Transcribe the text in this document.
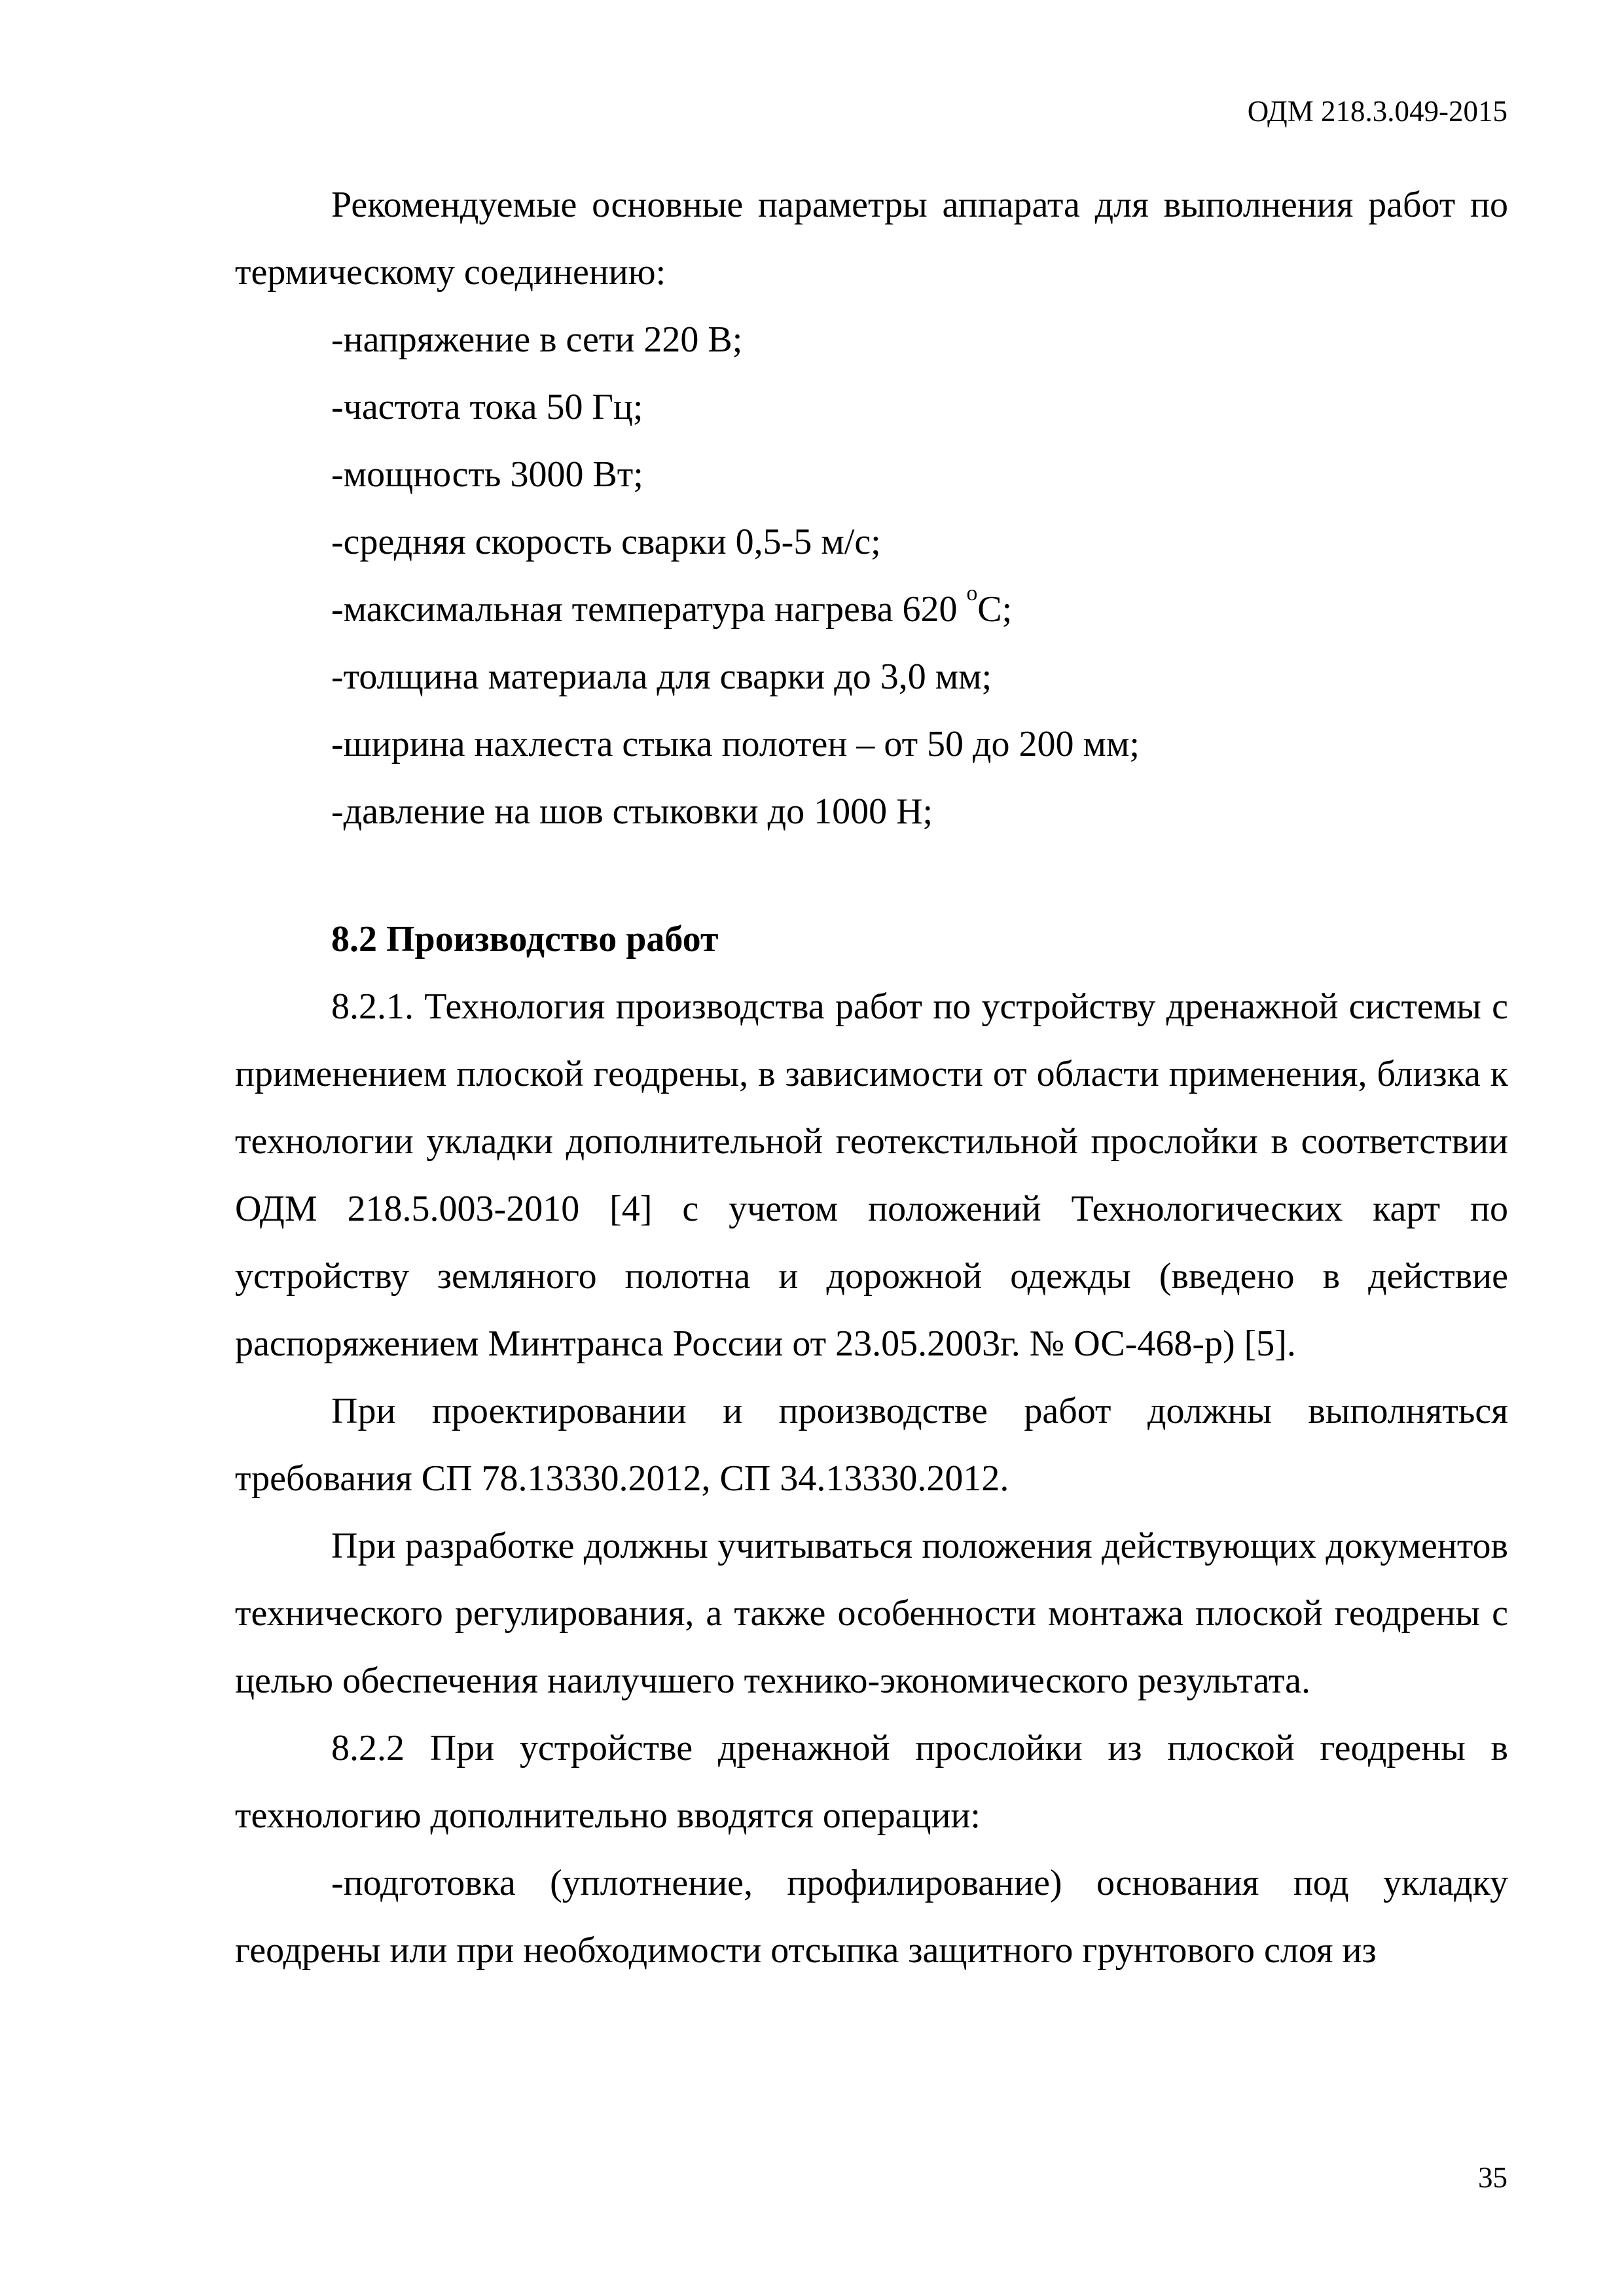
ОДМ 218.3.049-2015

Рекомендуемые основные параметры аппарата для выполнения работ по термическому соединению:

-напряжение в сети 220 В;

-частота тока 50 Гц;

-мощность 3000 Вт;

-средняя скорость сварки 0,5-5 м/с;

-максимальная температура нагрева 620 $^о$С;

-толщина материала для сварки до 3,0 мм;

-ширина нахлеста стыка полотен – от 50 до 200 мм;

-давление на шов стыковки до 1000 Н;

8.2 Производство работ

8.2.1. Технология производства работ по устройству дренажной системы с применением плоской геодрены, в зависимости от области применения, близка к технологии укладки дополнительной геотекстильной прослойки в соответствии ОДМ 218.5.003-2010 [4] с учетом положений Технологических карт по устройству земляного полотна и дорожной одежды (введено в действие распоряжением Минтранса России от 23.05.2003г. № ОС-468-р) [5].

При проектировании и производстве работ должны выполняться требования СП 78.13330.2012, СП 34.13330.2012.

При разработке должны учитываться положения действующих документов технического регулирования, а также особенности монтажа плоской геодрены с целью обеспечения наилучшего технико-экономического результата.

8.2.2 При устройстве дренажной прослойки из плоской геодрены в технологию дополнительно вводятся операции:

-подготовка (уплотнение, профилирование) основания под укладку геодрены или при необходимости отсыпка защитного грунтового слоя из

35
